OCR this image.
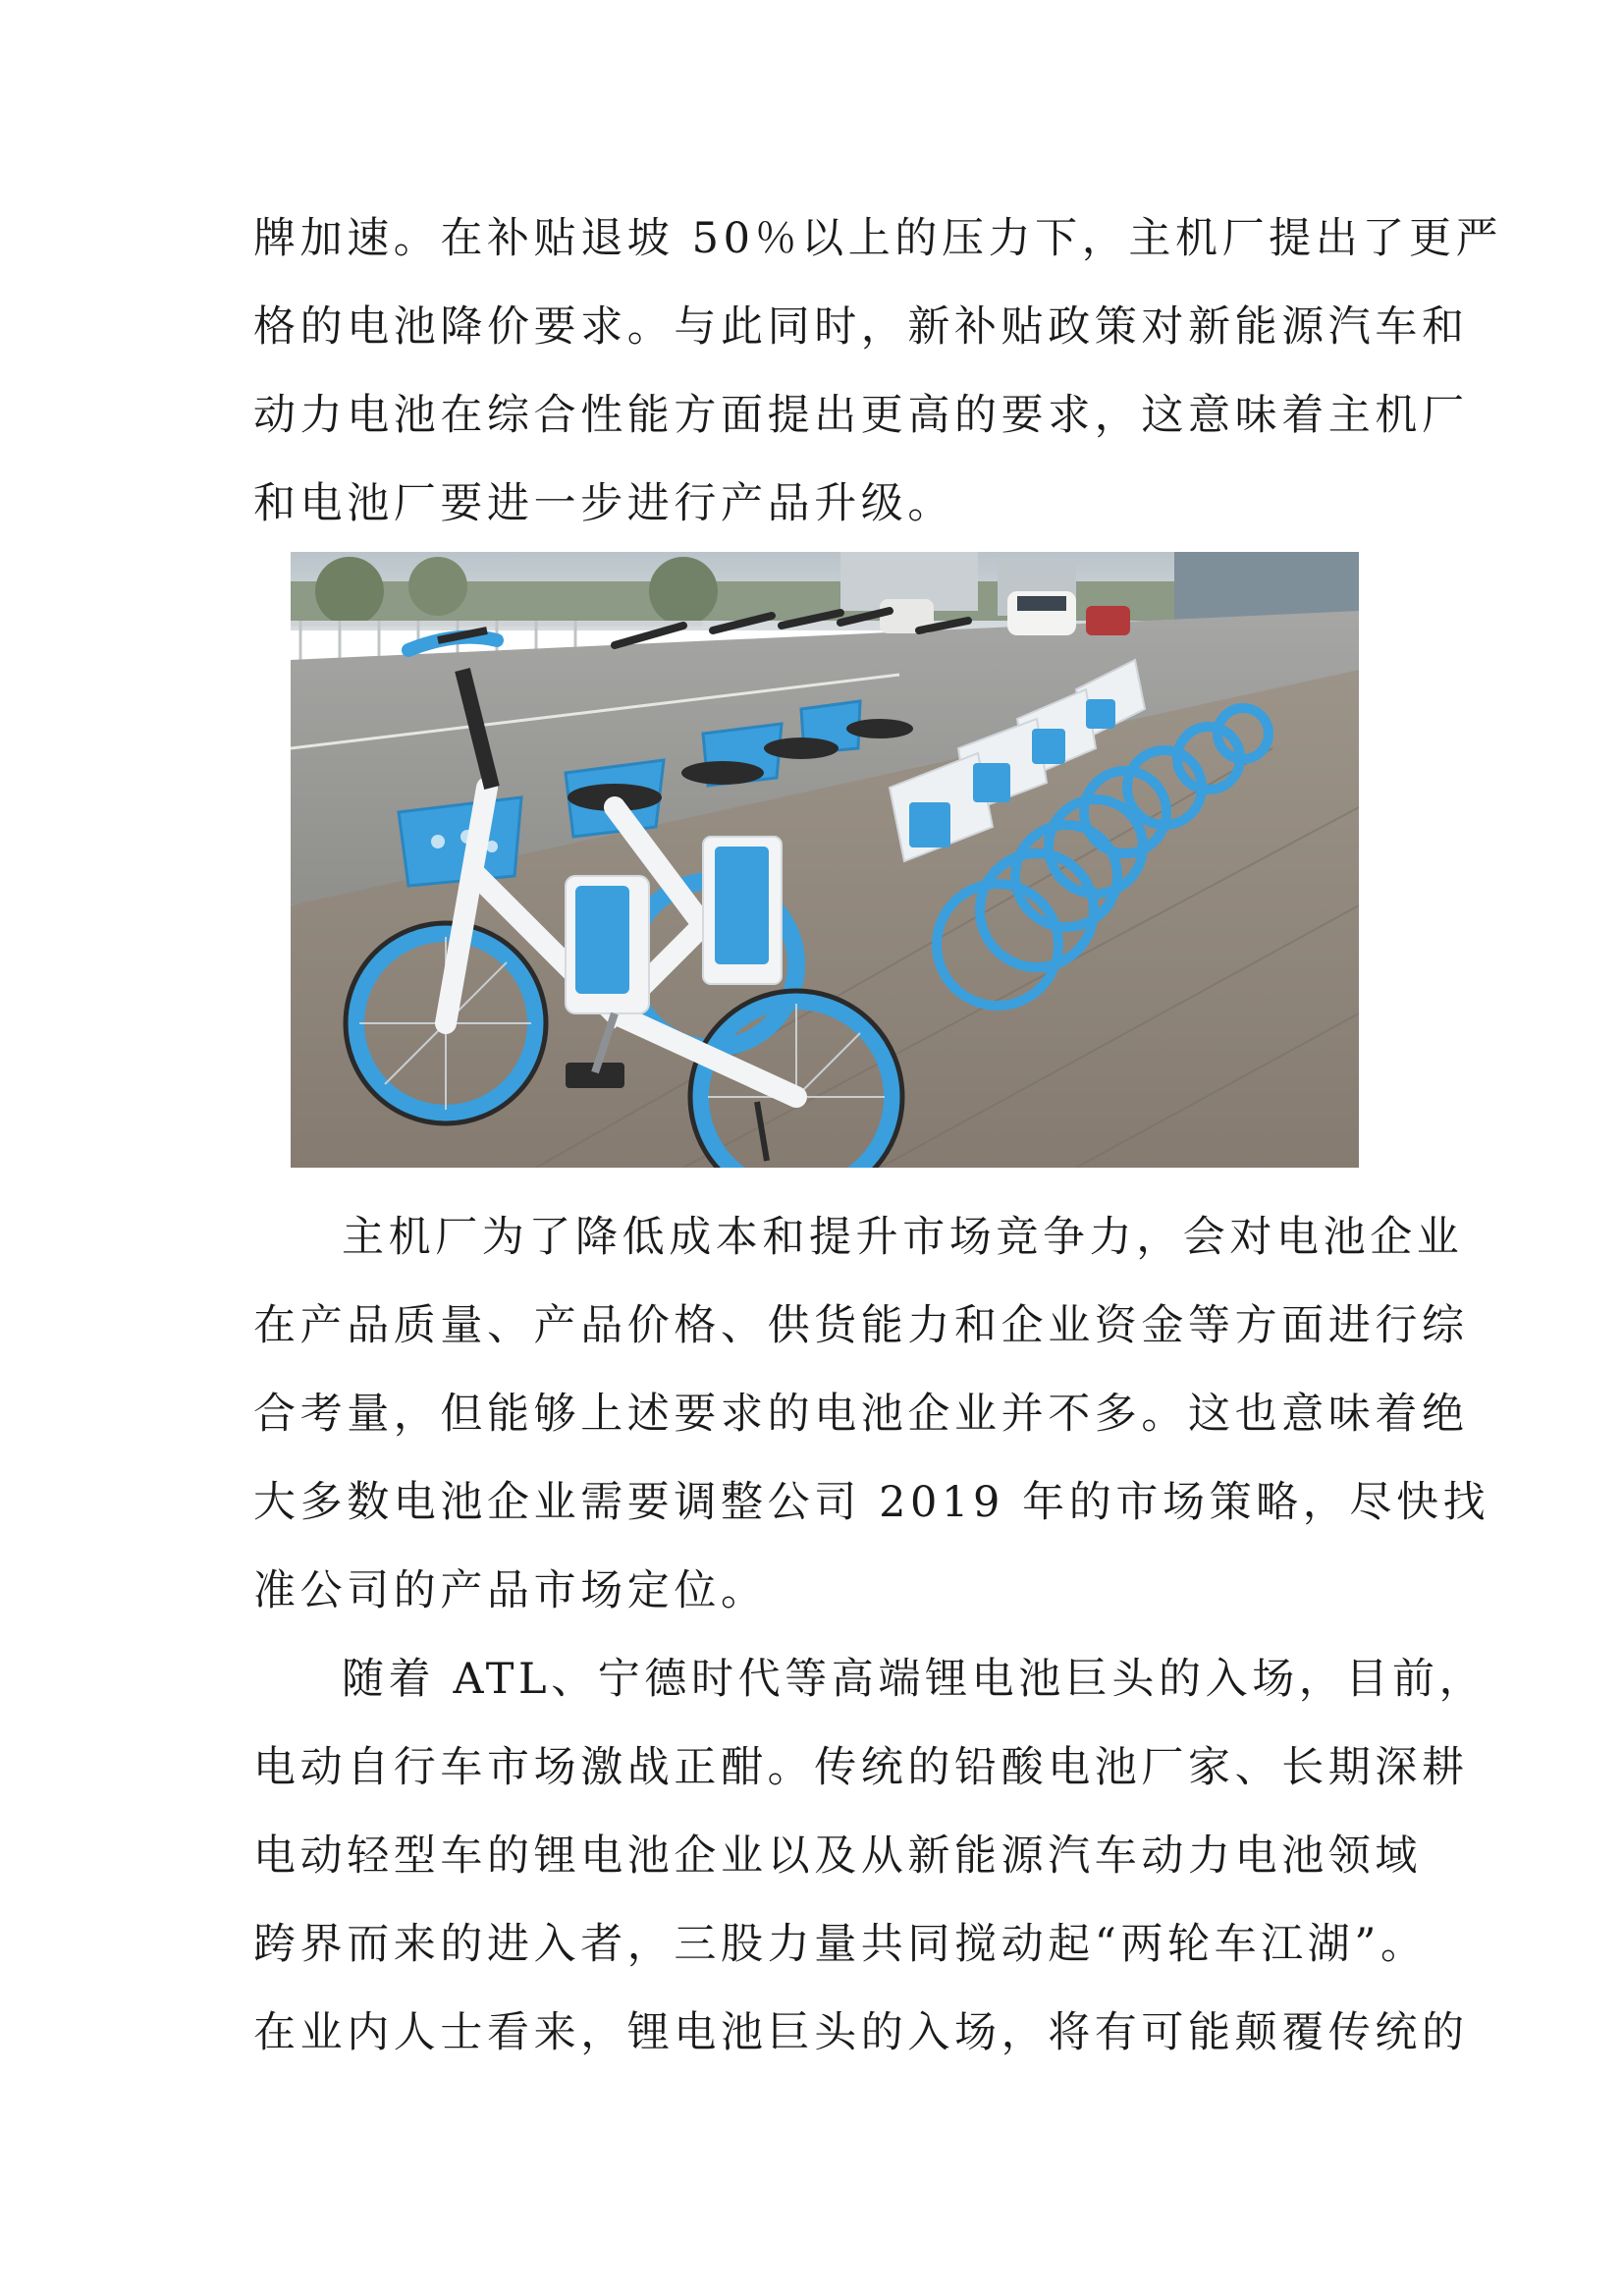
牌加速。在补贴退坡 50％以上的压力下，主机厂提出了更严
格的电池降价要求。与此同时，新补贴政策对新能源汽车和
动力电池在综合性能方面提出更高的要求，这意味着主机厂
和电池厂要进一步进行产品升级。
主机厂为了降低成本和提升市场竞争力，会对电池企业
在产品质量、产品价格、供货能力和企业资金等方面进行综
合考量，但能够上述要求的电池企业并不多。这也意味着绝
大多数电池企业需要调整公司 2019 年的市场策略，尽快找
准公司的产品市场定位。
随着 ATL、宁德时代等高端锂电池巨头的入场，目前，
电动自行车市场激战正酣。传统的铅酸电池厂家、长期深耕
电动轻型车的锂电池企业以及从新能源汽车动力电池领域
跨界而来的进入者，三股力量共同搅动起“两轮车江湖”。
在业内人士看来，锂电池巨头的入场，将有可能颠覆传统的
